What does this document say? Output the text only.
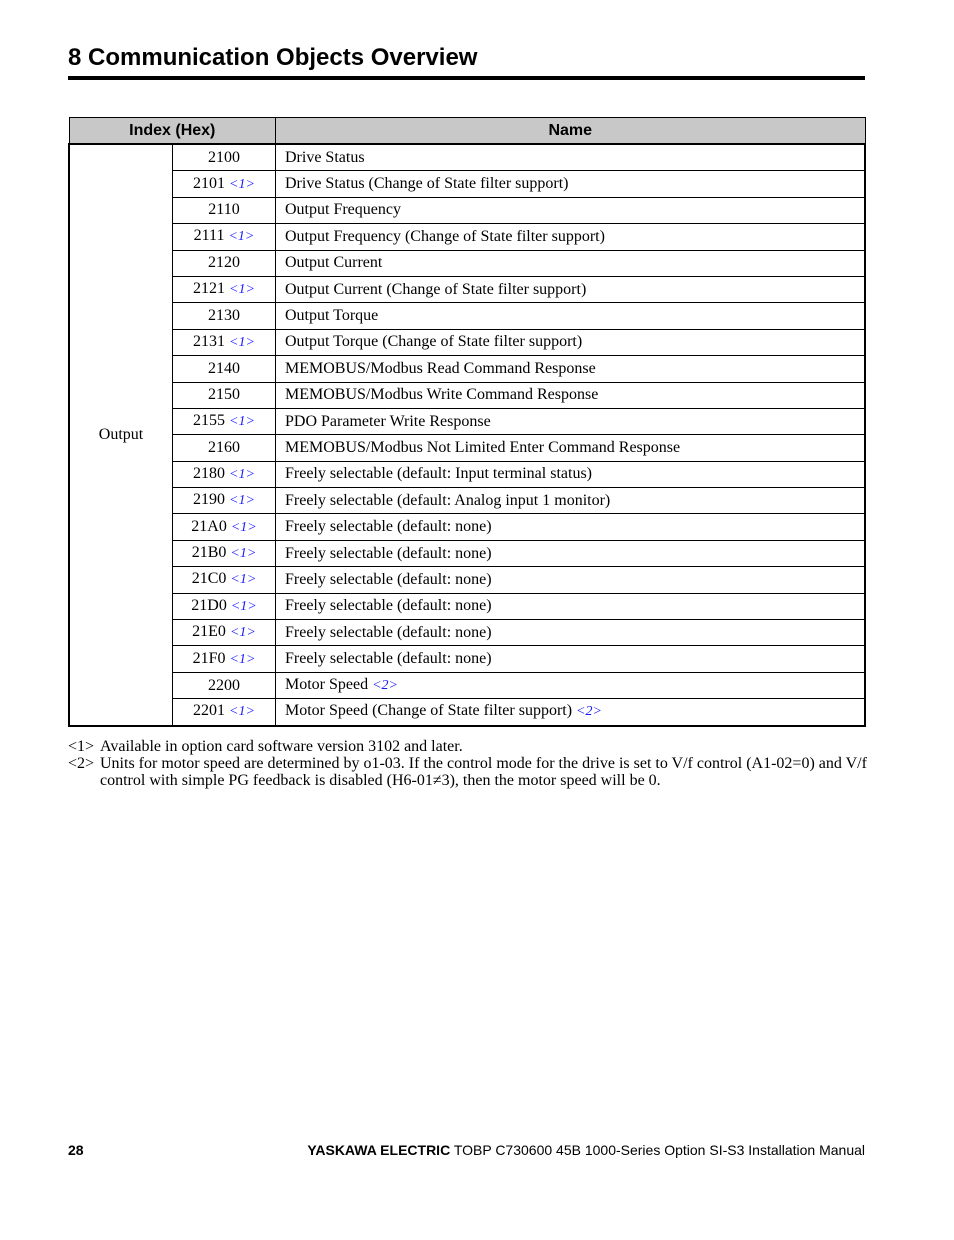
8 Communication Objects Overview
Index (Hex)		Name
Output	2100	Drive Status
	2101 <1>	Drive Status (Change of State filter support)
	2110	Output Frequency
	2111 <1>	Output Frequency (Change of State filter support)
	2120	Output Current
	2121 <1>	Output Current (Change of State filter support)
	2130	Output Torque
	2131 <1>	Output Torque (Change of State filter support)
	2140	MEMOBUS/Modbus Read Command Response
	2150	MEMOBUS/Modbus Write Command Response
	2155 <1>	PDO Parameter Write Response
	2160	MEMOBUS/Modbus Not Limited Enter Command Response
	2180 <1>	Freely selectable (default: Input terminal status)
	2190 <1>	Freely selectable (default: Analog input 1 monitor)
	21A0 <1>	Freely selectable (default: none)
	21B0 <1>	Freely selectable (default: none)
	21C0 <1>	Freely selectable (default: none)
	21D0 <1>	Freely selectable (default: none)
	21E0 <1>	Freely selectable (default: none)
	21F0 <1>	Freely selectable (default: none)
	2200	Motor Speed <2>
	2201 <1>	Motor Speed (Change of State filter support) <2>
<1> Available in option card software version 3102 and later.
<2> Units for motor speed are determined by o1-03. If the control mode for the drive is set to V/f control (A1-02=0) and V/f control with simple PG feedback is disabled (H6-01≠3), then the motor speed will be 0.
28	YASKAWA ELECTRIC TOBP C730600 45B 1000-Series Option SI-S3 Installation Manual
